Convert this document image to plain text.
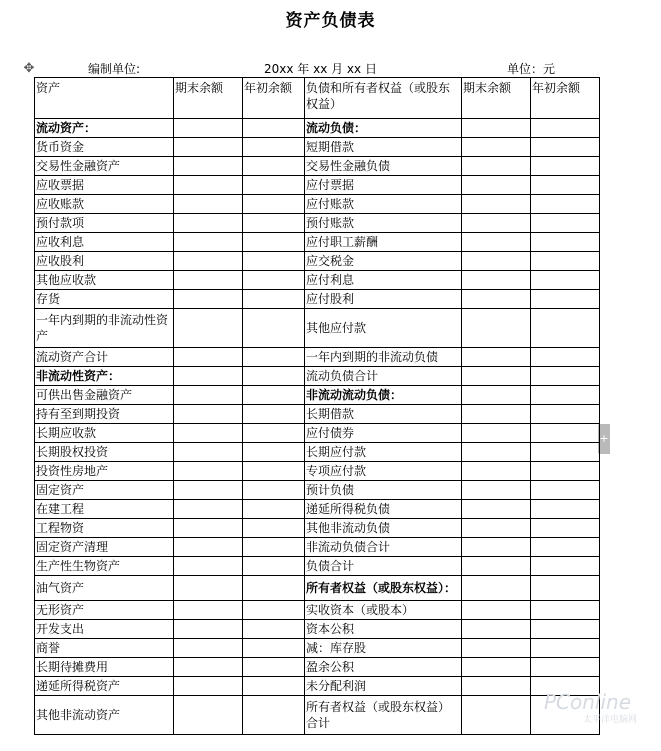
资产负债表
编制单位:	20xx 年 xx 月 xx 日	单位：元
✥
+
资产	期末余额	年初余额	负债和所有者权益（或股东权益）	期末余额	年初余额
流动资产：			流动负债：		
货币资金			短期借款		
交易性金融资产			交易性金融负债		
应收票据			应付票据		
应收账款			应付账款		
预付款项			预付账款		
应收利息			应付职工薪酬		
应收股利			应交税金		
其他应收款			应付利息		
存货			应付股利		
一年内到期的非流动性资产			其他应付款		
流动资产合计			一年内到期的非流动负债		
非流动性资产：			流动负债合计		
可供出售金融资产			非流动流动负债：		
持有至到期投资			长期借款		
长期应收款			应付债券		
长期股权投资			长期应付款		
投资性房地产			专项应付款		
固定资产			预计负债		
在建工程			递延所得税负债		
工程物资			其他非流动负债		
固定资产清理			非流动负债合计		
生产性生物资产			负债合计		
油气资产			所有者权益（或股东权益）：		
无形资产			实收资本（或股本）		
开发支出			资本公积		
商誉			减：库存股		
长期待摊费用			盈余公积		
递延所得税资产			未分配利润		
其他非流动资产			所有者权益（或股东权益）合计		
PConline
太平洋电脑网
